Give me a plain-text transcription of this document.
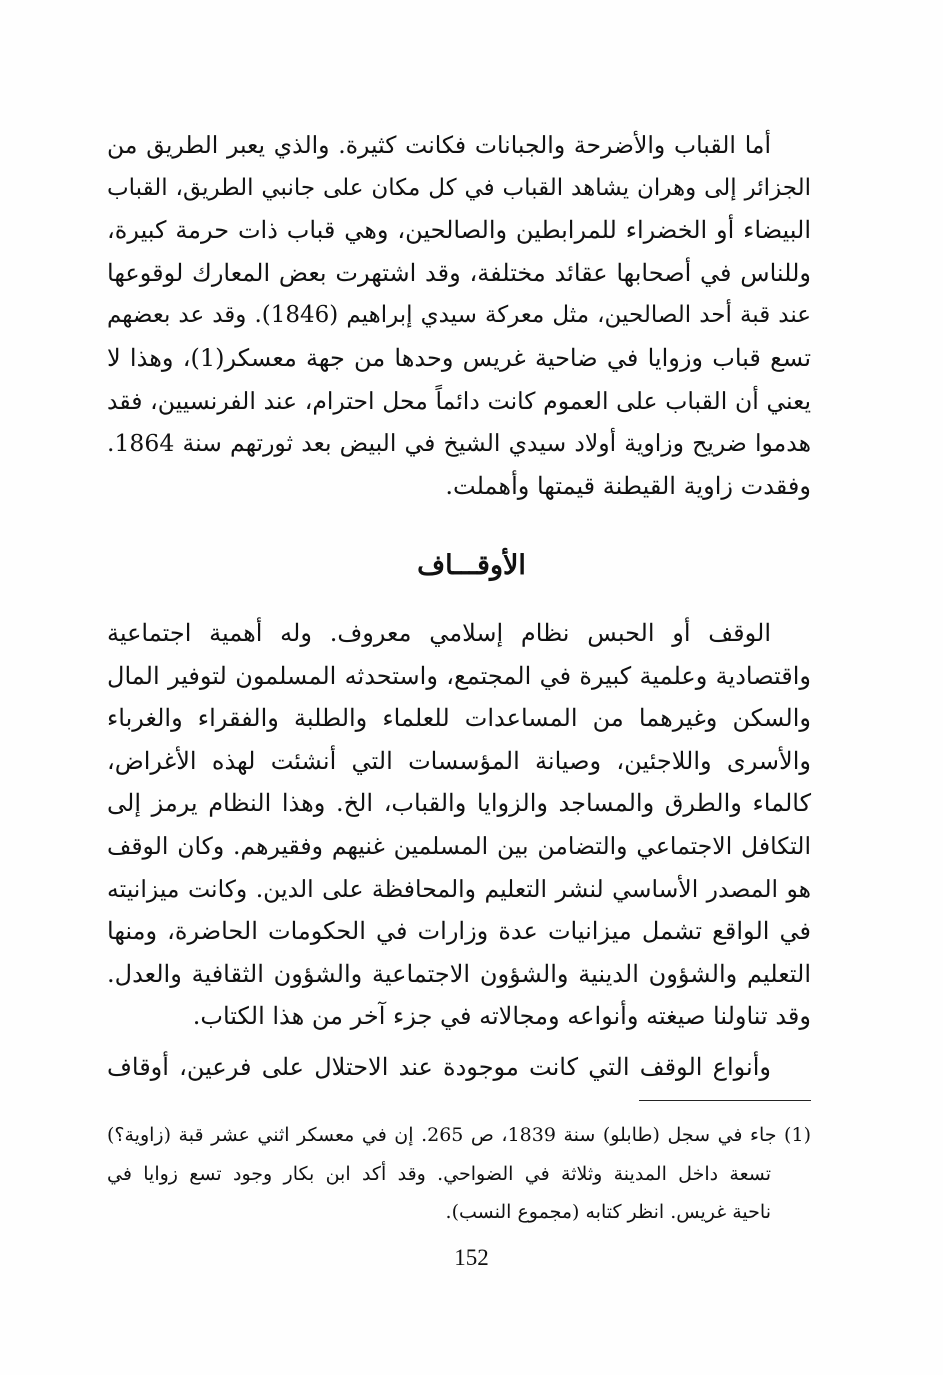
أما القباب والأضرحة والجبانات فكانت كثيرة. والذي يعبر الطريق من
الجزائر إلى وهران يشاهد القباب في كل مكان على جانبي الطريق، القباب
البيضاء أو الخضراء للمرابطين والصالحين، وهي قباب ذات حرمة كبيرة،
وللناس في أصحابها عقائد مختلفة، وقد اشتهرت بعض المعارك لوقوعها
عند قبة أحد الصالحين، مثل معركة سيدي إبراهيم (1846). وقد عد بعضهم
تسع قباب وزوايا في ضاحية غريس وحدها من جهة معسكر(1)، وهذا لا
يعني أن القباب على العموم كانت دائماً محل احترام، عند الفرنسيين، فقد
هدموا ضريح وزاوية أولاد سيدي الشيخ في البيض بعد ثورتهم سنة 1864.
وفقدت زاوية القيطنة قيمتها وأهملت.
الأوقـــاف
الوقف أو الحبس نظام إسلامي معروف. وله أهمية اجتماعية
واقتصادية وعلمية كبيرة في المجتمع، واستحدثه المسلمون لتوفير المال
والسكن وغيرهما من المساعدات للعلماء والطلبة والفقراء والغرباء
والأسرى واللاجئين، وصيانة المؤسسات التي أنشئت لهذه الأغراض،
كالماء والطرق والمساجد والزوايا والقباب، الخ. وهذا النظام يرمز إلى
التكافل الاجتماعي والتضامن بين المسلمين غنيهم وفقيرهم. وكان الوقف
هو المصدر الأساسي لنشر التعليم والمحافظة على الدين. وكانت ميزانيته
في الواقع تشمل ميزانيات عدة وزارات في الحكومات الحاضرة، ومنها
التعليم والشؤون الدينية والشؤون الاجتماعية والشؤون الثقافية والعدل.
وقد تناولنا صيغته وأنواعه ومجالاته في جزء آخر من هذا الكتاب.
وأنواع الوقف التي كانت موجودة عند الاحتلال على فرعين، أوقاف
(1) جاء في سجل (طابلو) سنة 1839، ص 265. إن في معسكر اثني عشر قبة (زاوية؟)
تسعة داخل المدينة وثلاثة في الضواحي. وقد أكد ابن بكار وجود تسع زوايا في
ناحية غريس. انظر كتابه (مجموع النسب).
152
